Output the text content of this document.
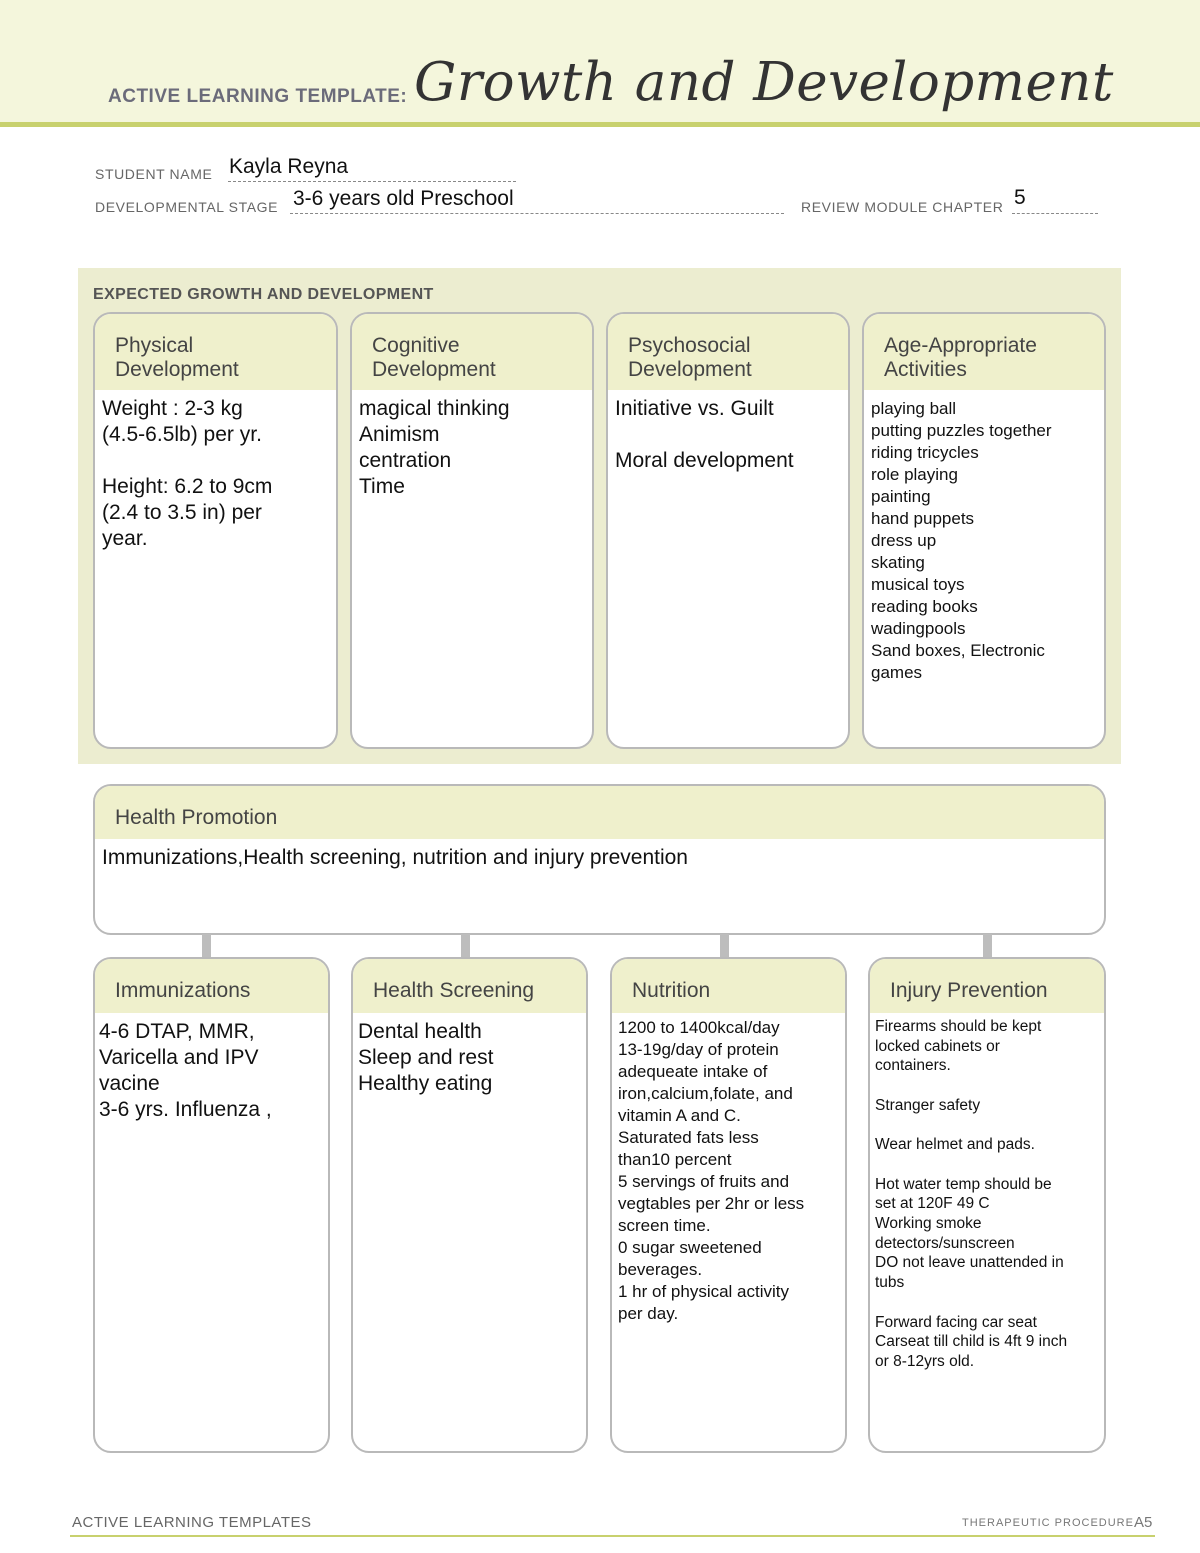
ACTIVE LEARNING TEMPLATE: Growth and Development
STUDENT NAME Kayla Reyna
DEVELOPMENTAL STAGE 3-6 years old Preschool	REVIEW MODULE CHAPTER 5
EXPECTED GROWTH AND DEVELOPMENT
Physical
Development
Weight : 2-3 kg
(4.5-6.5lb) per yr.

Height: 6.2 to 9cm
(2.4 to 3.5 in) per
year.
Cognitive
Development
magical thinking
Animism
centration
Time
Psychosocial
Development
Initiative vs. Guilt

Moral development
Age-Appropriate
Activities
playing ball
putting puzzles together
riding tricycles
role playing
painting
hand puppets
dress up
skating
musical toys
reading books
wadingpools
Sand boxes, Electronic
games
Health Promotion
Immunizations,Health screening, nutrition and injury prevention
Immunizations
4-6 DTAP, MMR,
Varicella and IPV
vacine
3-6 yrs. Influenza ,
Health Screening
Dental health
Sleep and rest
Healthy eating
Nutrition
1200 to 1400kcal/day
13-19g/day of protein
adequeate intake of
iron,calcium,folate, and
vitamin A and C.
Saturated fats less
than10 percent
5 servings of fruits and
vegtables per 2hr or less
screen time.
0 sugar sweetened
beverages.
1 hr of physical activity
per day.
Injury Prevention
Firearms should be kept
locked cabinets or
containers.

Stranger safety

Wear helmet and pads.

Hot water temp should be
set at 120F 49 C
Working smoke
detectors/sunscreen
DO not leave unattended in
tubs

Forward facing car seat
Carseat till child is 4ft 9 inch
or 8-12yrs old.
ACTIVE LEARNING TEMPLATES	THERAPEUTIC PROCEDURE A5
